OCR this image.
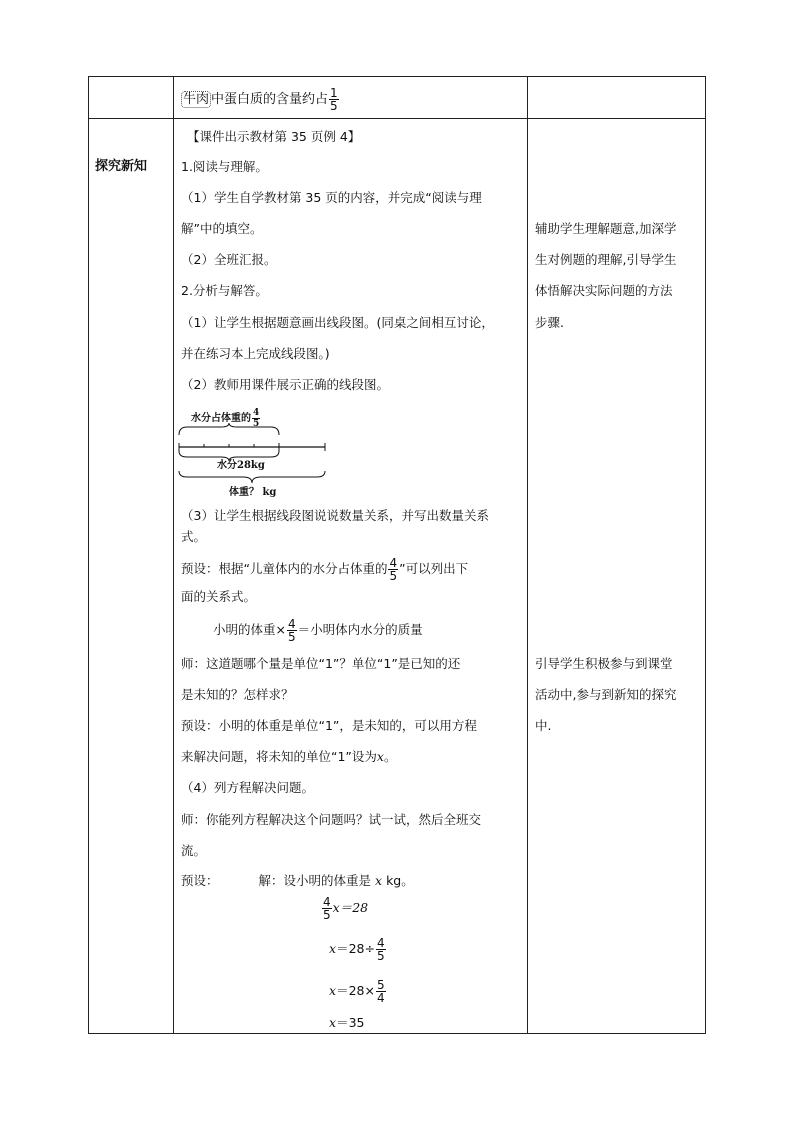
牛肉 中蛋白质的含量约占 $\frac{1}{5}$
探究新知
【课件出示教材第 35 页例 4】
1.阅读与理解。
（1）学生自学教材第 35 页的内容，并完成“阅读与理
解”中的填空。
（2）全班汇报。
2.分析与解答。
（1）让学生根据题意画出线段图。(同桌之间相互讨论，
并在练习本上完成线段图。)
（2）教师用课件展示正确的线段图。
水分占体重的 $\frac{4}{5}$
水分28kg
体重？ kg
（3）让学生根据线段图说说数量关系，并写出数量关系
式。
预设：根据“儿童体内的水分占体重的 $\frac{4}{5}$ ”可以列出下
面的关系式。
小明的体重× $\frac{4}{5}$ ＝小明体内水分的质量
师：这道题哪个量是单位“1”？单位“1”是已知的还
是未知的？怎样求？
预设：小明的体重是单位“1”，是未知的，可以用方程
来解决问题，将未知的单位“1”设为x。
（4）列方程解决问题。
师：你能列方程解决这个问题吗？试一试，然后全班交
流。
预设：	解：设小明的体重是 x kg。
$\frac{4}{5} x=28$
$x=28\div \frac{4}{5}$
$x=28\times \frac{5}{4}$
x＝35
辅助学生理解题意,加深学
生对例题的理解,引导学生
体悟解决实际问题的方法
步骤.
引导学生积极参与到课堂
活动中,参与到新知的探究
中.
